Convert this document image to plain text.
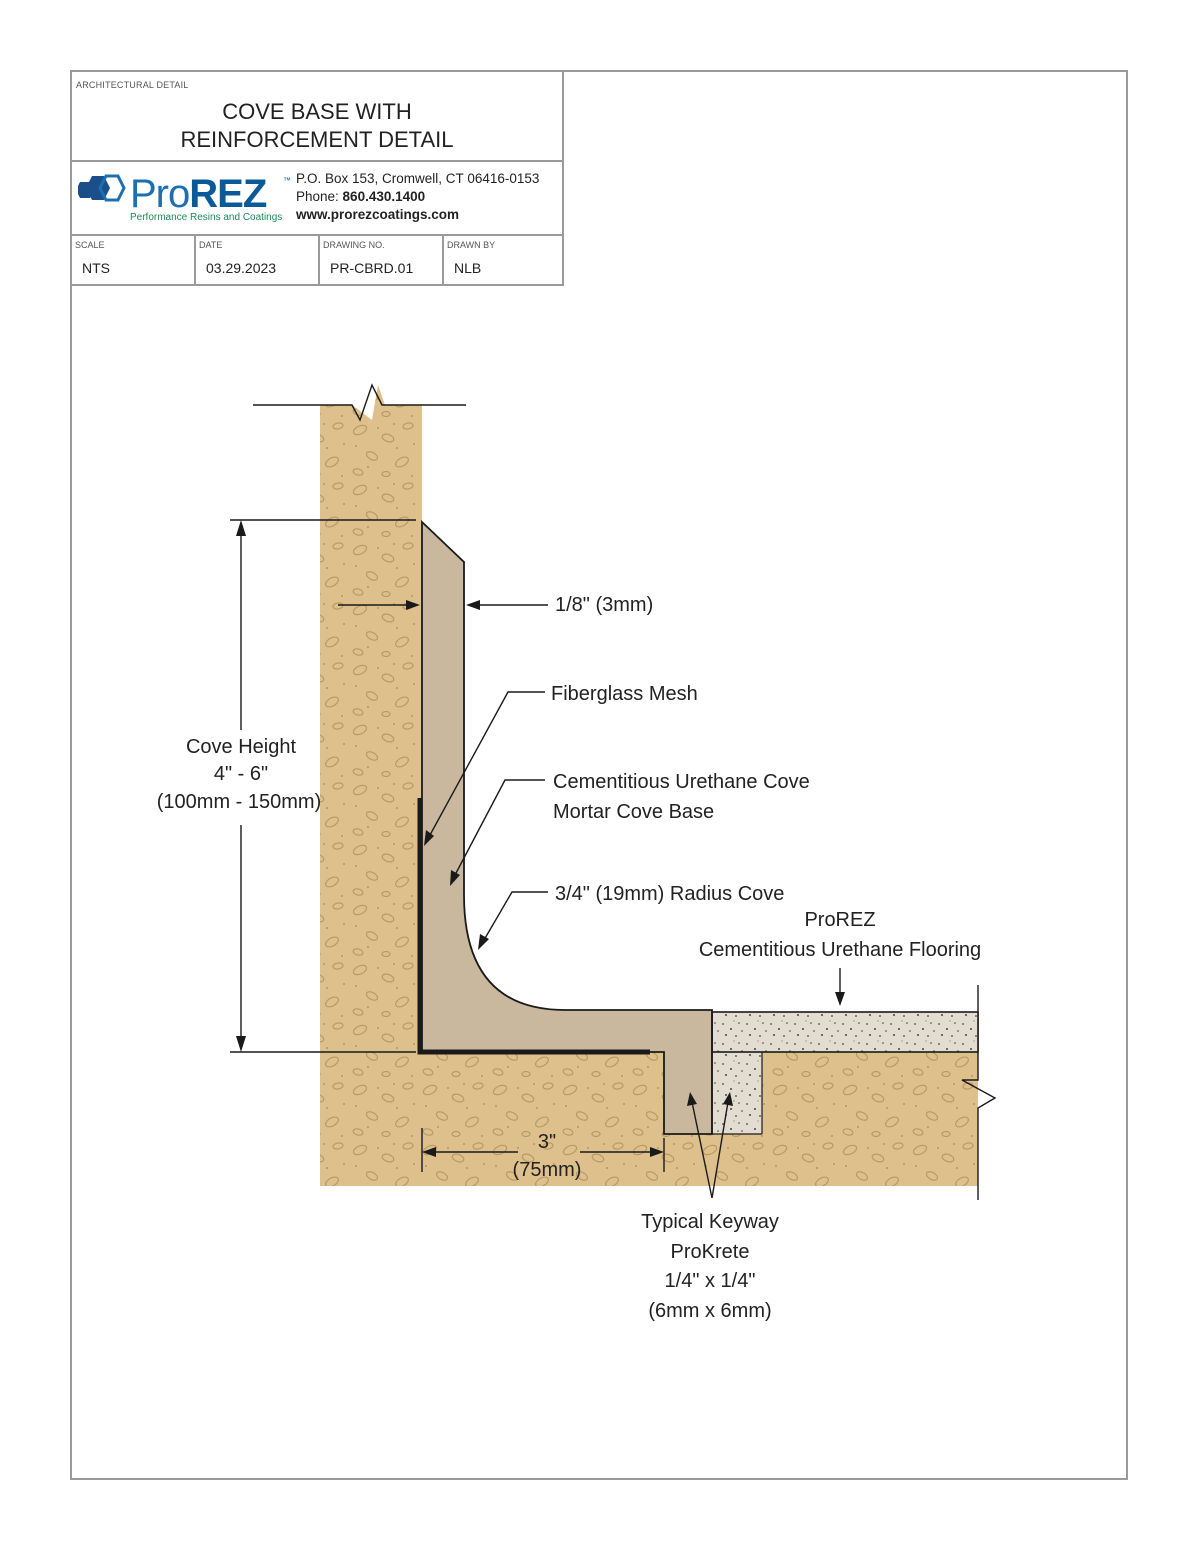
ARCHITECTURAL DETAIL
COVE BASE WITH
REINFORCEMENT DETAIL
ProREZ ™
Performance Resins and Coatings
P.O. Box 153, Cromwell, CT 06416-0153
Phone: 860.430.1400
www.prorezcoatings.com
SCALE
NTS
DATE
03.29.2023
DRAWING NO.
PR-CBRD.01
DRAWN BY
NLB
1/8" (3mm)
Fiberglass Mesh
Cementitious Urethane Cove
Mortar Cove Base
3/4" (19mm) Radius Cove
ProREZ
Cementitious Urethane Flooring
Cove Height
4" - 6"
(100mm - 150mm)
3"
(75mm)
Typical Keyway
ProKrete
1/4" x 1/4"
(6mm x 6mm)
